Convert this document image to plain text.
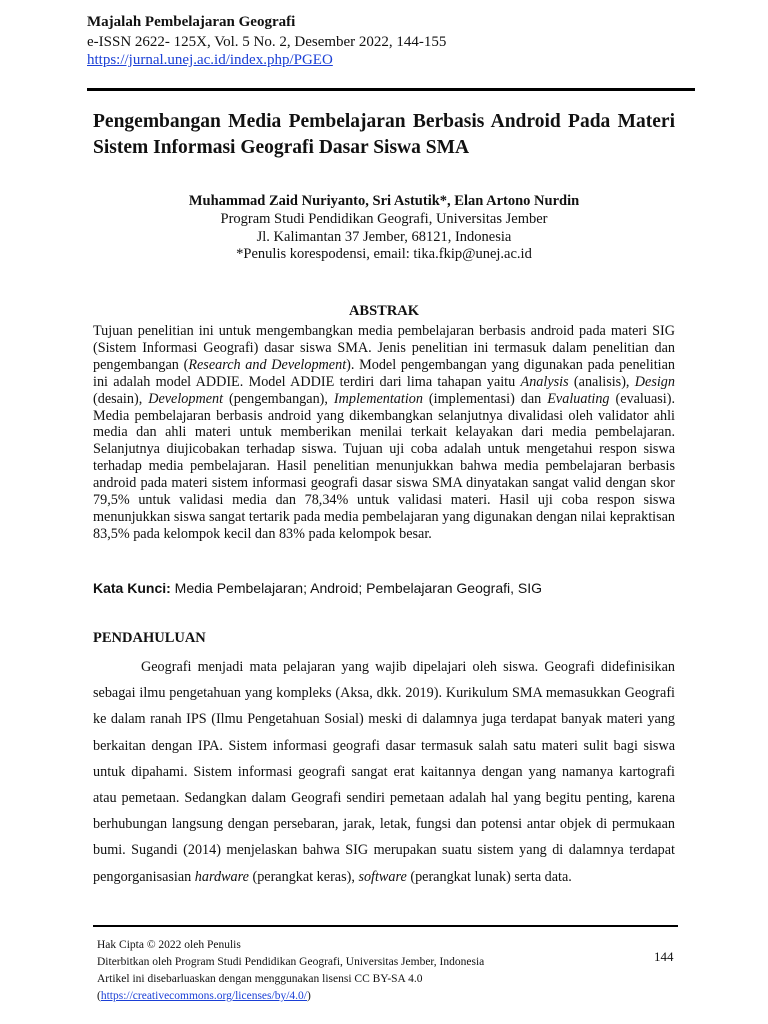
Majalah Pembelajaran Geografi
e-ISSN 2622- 125X, Vol. 5 No. 2, Desember 2022, 144-155
https://jurnal.unej.ac.id/index.php/PGEO
Pengembangan Media Pembelajaran Berbasis Android Pada Materi Sistem Informasi Geografi Dasar Siswa SMA
Muhammad Zaid Nuriyanto, Sri Astutik*, Elan Artono Nurdin
Program Studi Pendidikan Geografi, Universitas Jember
Jl. Kalimantan 37 Jember, 68121, Indonesia
*Penulis korespodensi, email: tika.fkip@unej.ac.id
ABSTRAK
Tujuan penelitian ini untuk mengembangkan media pembelajaran berbasis android pada materi SIG (Sistem Informasi Geografi) dasar siswa SMA. Jenis penelitian ini termasuk dalam penelitian dan pengembangan (Research and Development). Model pengembangan yang digunakan pada penelitian ini adalah model ADDIE. Model ADDIE terdiri dari lima tahapan yaitu Analysis (analisis), Design (desain), Development (pengembangan), Implementation (implementasi) dan Evaluating (evaluasi). Media pembelajaran berbasis android yang dikembangkan selanjutnya divalidasi oleh validator ahli media dan ahli materi untuk memberikan menilai terkait kelayakan dari media pembelajaran. Selanjutnya diujicobakan terhadap siswa. Tujuan uji coba adalah untuk mengetahui respon siswa terhadap media pembelajaran. Hasil penelitian menunjukkan bahwa media pembelajaran berbasis android pada materi sistem informasi geografi dasar siswa SMA dinyatakan sangat valid dengan skor 79,5% untuk validasi media dan 78,34% untuk validasi materi. Hasil uji coba respon siswa menunjukkan siswa sangat tertarik pada media pembelajaran yang digunakan dengan nilai kepraktisan 83,5% pada kelompok kecil dan 83% pada kelompok besar.
Kata Kunci: Media Pembelajaran; Android; Pembelajaran Geografi, SIG
PENDAHULUAN
Geografi menjadi mata pelajaran yang wajib dipelajari oleh siswa. Geografi didefinisikan sebagai ilmu pengetahuan yang kompleks (Aksa, dkk. 2019). Kurikulum SMA memasukkan Geografi ke dalam ranah IPS (Ilmu Pengetahuan Sosial) meski di dalamnya juga terdapat banyak materi yang berkaitan dengan IPA. Sistem informasi geografi dasar termasuk salah satu materi sulit bagi siswa untuk dipahami. Sistem informasi geografi sangat erat kaitannya dengan yang namanya kartografi atau pemetaan. Sedangkan dalam Geografi sendiri pemetaan adalah hal yang begitu penting, karena berhubungan langsung dengan persebaran, jarak, letak, fungsi dan potensi antar objek di permukaan bumi. Sugandi (2014) menjelaskan bahwa SIG merupakan suatu sistem yang di dalamnya terdapat pengorganisasian hardware (perangkat keras), software (perangkat lunak) serta data.
Hak Cipta © 2022 oleh Penulis
Diterbitkan oleh Program Studi Pendidikan Geografi, Universitas Jember, Indonesia
Artikel ini disebarluaskan dengan menggunakan lisensi CC BY-SA 4.0
(https://creativecommons.org/licenses/by/4.0/)
144
